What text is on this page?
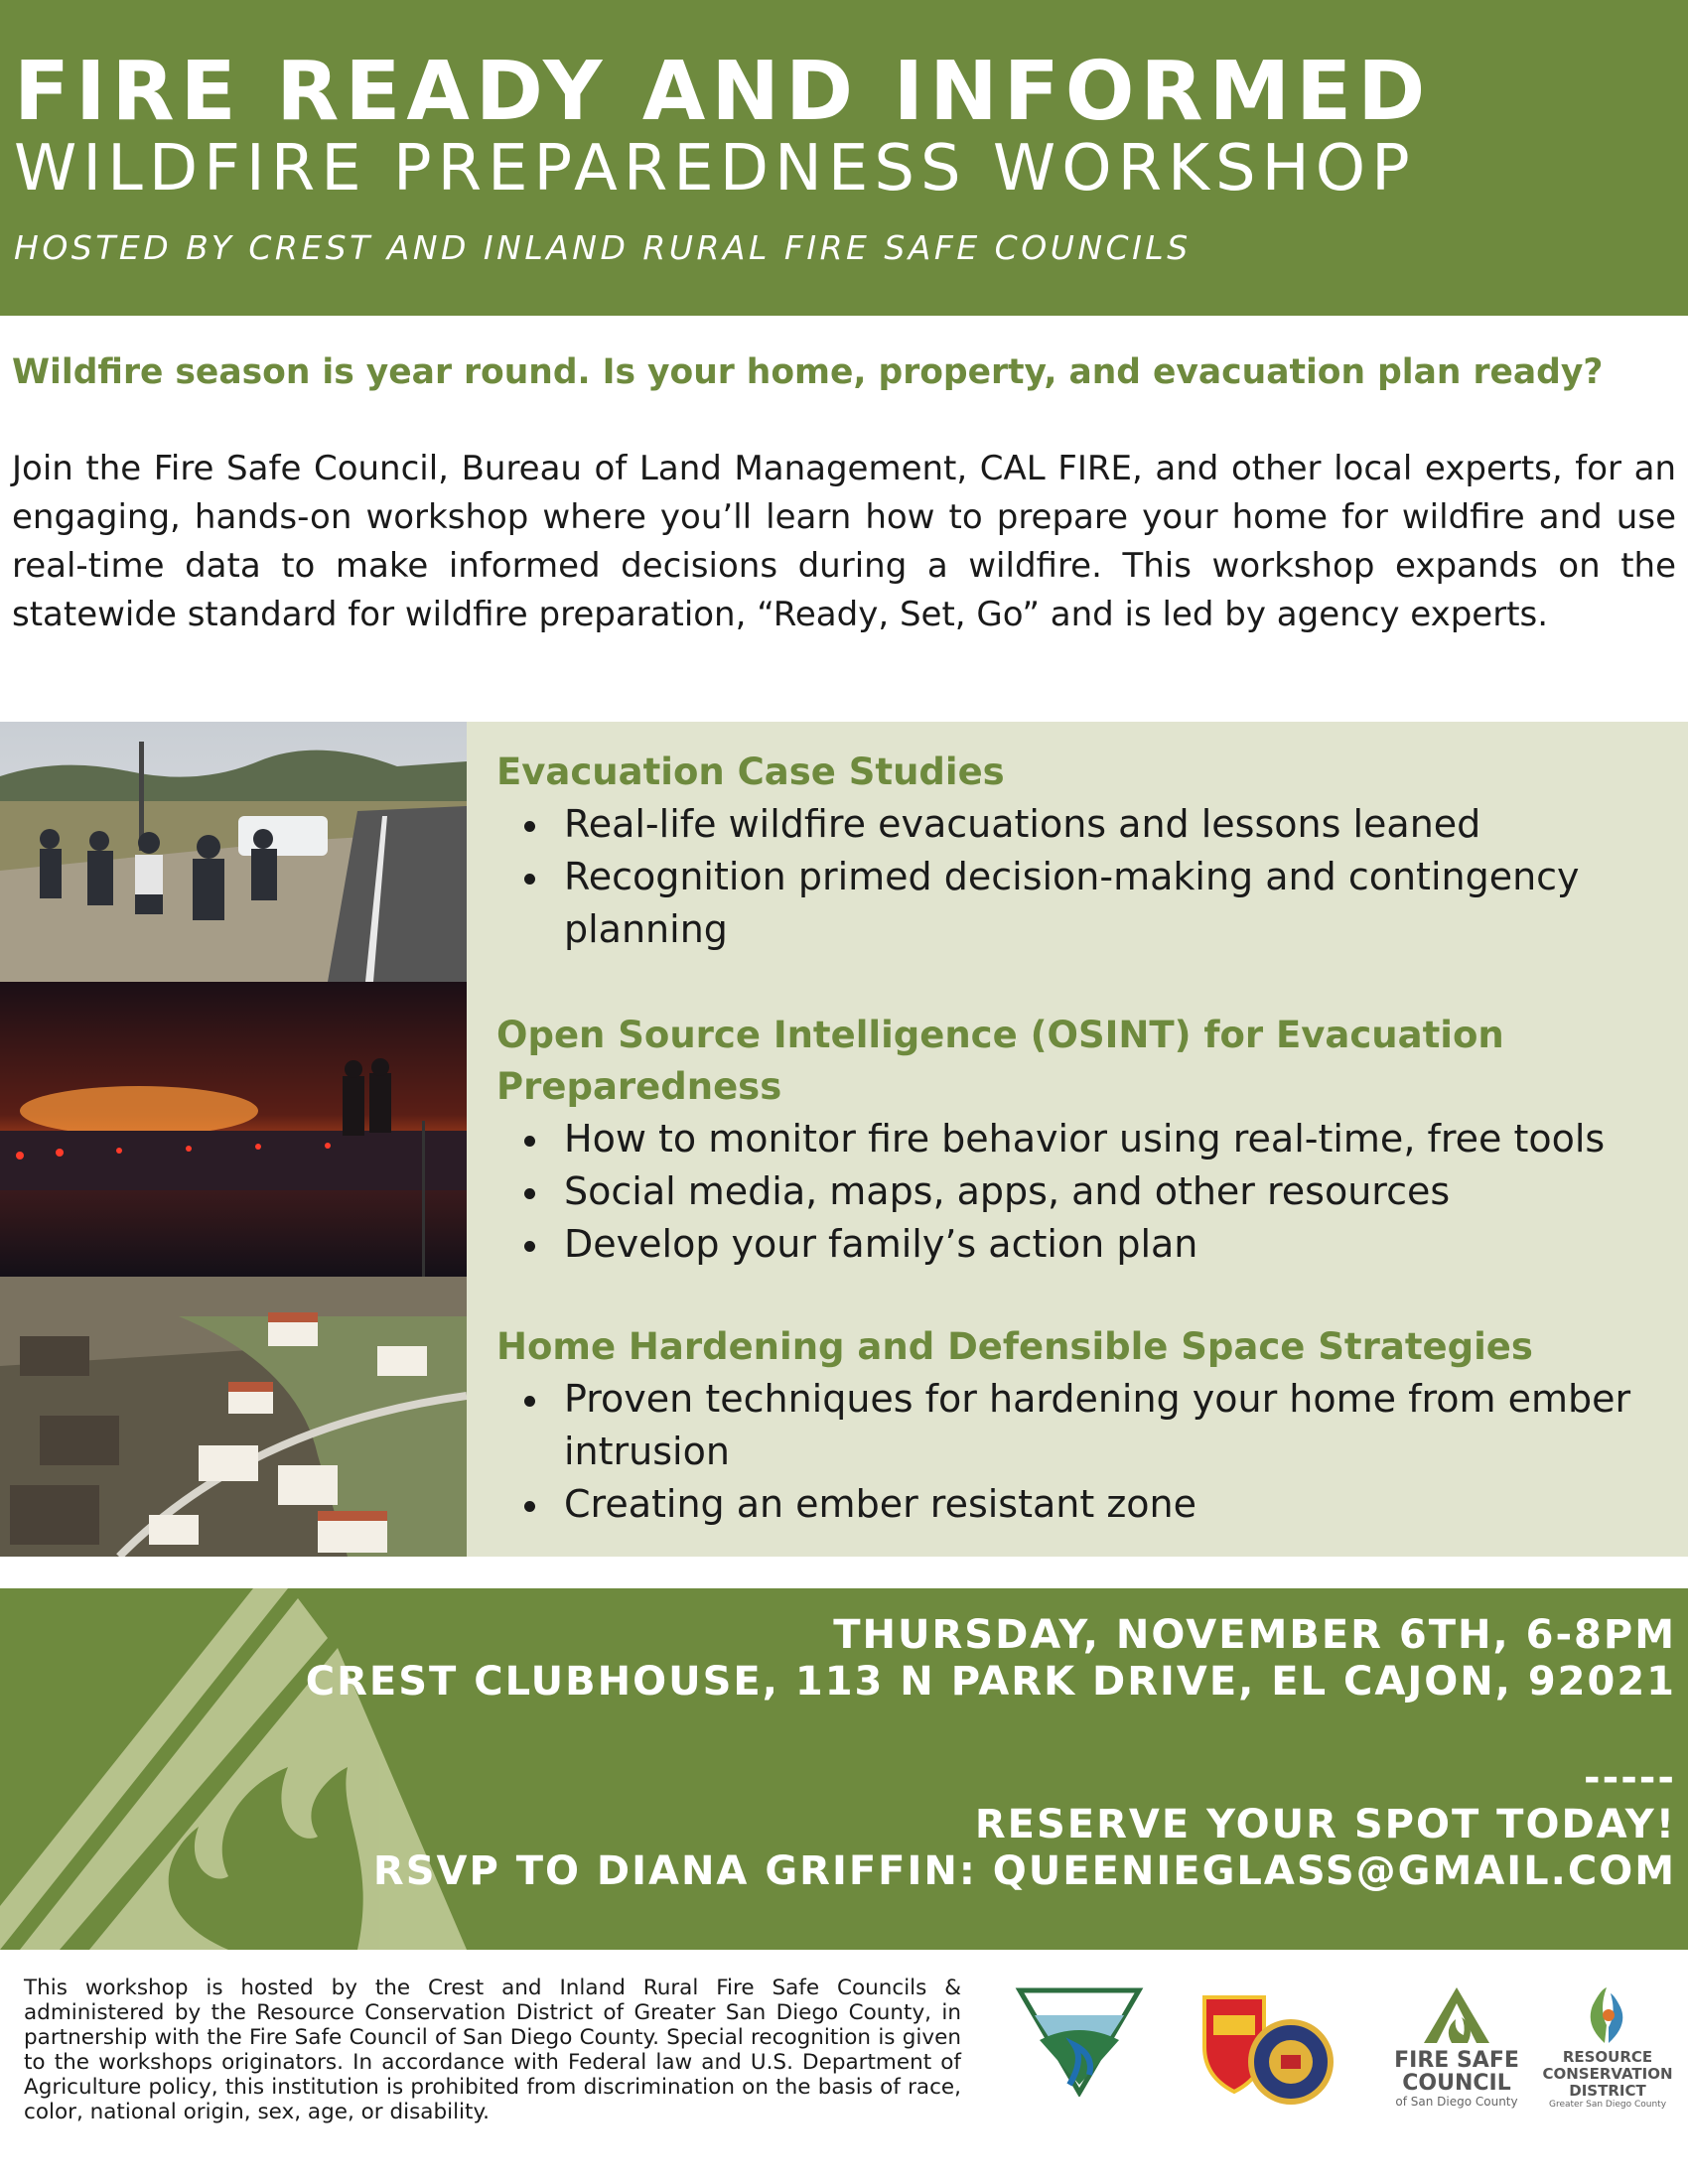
FIRE READY AND INFORMED
WILDFIRE PREPAREDNESS WORKSHOP
HOSTED BY CREST AND INLAND RURAL FIRE SAFE COUNCILS
Wildfire season is year round. Is your home, property, and evacuation plan ready?

Join the Fire Safe Council, Bureau of Land Management, CAL FIRE, and other local experts, for an engaging, hands-on workshop where you’ll learn how to prepare your home for wildfire and use real-time data to make informed decisions during a wildfire. This workshop expands on the statewide standard for wildfire preparation, “Ready, Set, Go” and is led by agency experts.

Evacuation Case Studies
Real-life wildfire evacuations and lessons leaned
Recognition primed decision-making and contingency planning
Open Source Intelligence (OSINT) for Evacuation Preparedness
How to monitor fire behavior using real-time, free tools
Social media, maps, apps, and other resources
Develop your family’s action plan
Home Hardening and Defensible Space Strategies
Proven techniques for hardening your home from ember intrusion
Creating an ember resistant zone
THURSDAY, NOVEMBER 6TH, 6-8PM
CREST CLUBHOUSE, 113 N PARK DRIVE, EL CAJON, 92021
-----
RESERVE YOUR SPOT TODAY!
RSVP TO DIANA GRIFFIN: QUEENIEGLASS@GMAIL.COM

This workshop is hosted by the Crest and Inland Rural Fire Safe Councils & administered by the Resource Conservation District of Greater San Diego County, in partnership with the Fire Safe Council of San Diego County. Special recognition is given to the workshops originators. In accordance with Federal law and U.S. Department of Agriculture policy, this institution is prohibited from discrimination on the basis of race, color, national origin, sex, age, or disability.

FIRE SAFE COUNCIL
of San Diego County
RESOURCE CONSERVATION DISTRICT
Greater San Diego County
